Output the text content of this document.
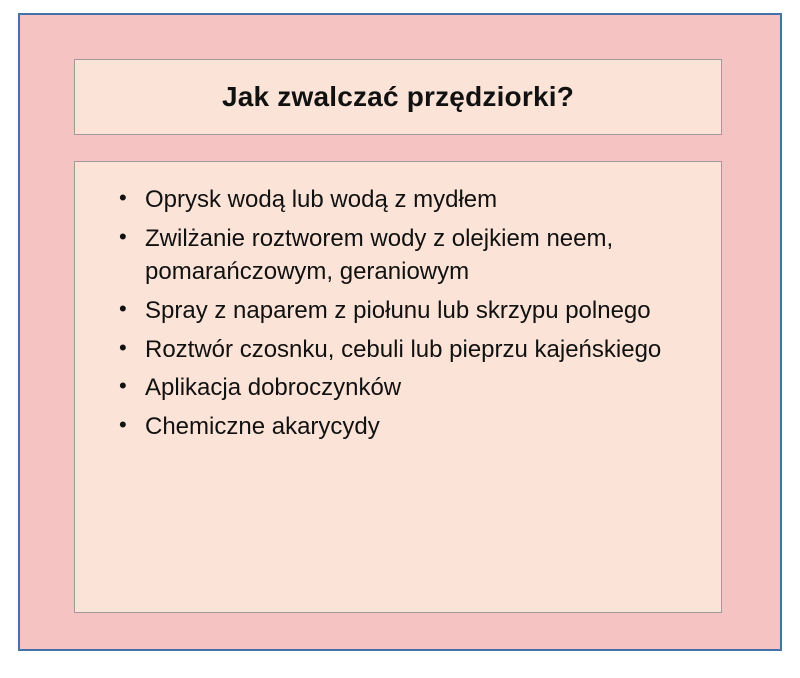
Jak zwalczać przędziorki?
• Oprysk wodą lub wodą z mydłem
• Zwilżanie roztworem wody z olejkiem neem, pomarańczowym, geraniowym
• Spray z naparem z piołunu lub skrzypu polnego
• Roztwór czosnku, cebuli lub pieprzu kajeńskiego
• Aplikacja dobroczynków
• Chemiczne akarycydy
